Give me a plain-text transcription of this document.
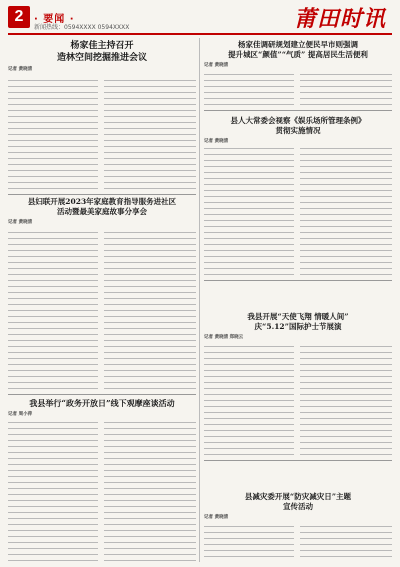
2	· 要闻 ·
新闻热线：0594XXXX 0594XXXX	莆田时讯
杨家佳主持召开
造林空间挖掘推进会议
记者 黄晓清
县妇联开展2023年家庭教育指导服务进社区
活动暨最美家庭故事分享会
记者 黄晓清
我县举行“政务开放日”线下观摩座谈活动
记者 周小萍
杨家佳调研规划建立便民早市则强调
提升城区“颜值”“气质” 提高居民生活便利
记者 黄晓清
县人大常委会视察《娱乐场所管理条例》
贯彻实施情况
记者 黄晓清
我县开展“天使飞翔 情暖人间”
庆“5.12”国际护士节展演
记者 黄晓清 郑晓云
县减灾委开展“防灾减灾日”主题
宣传活动
记者 黄晓清
